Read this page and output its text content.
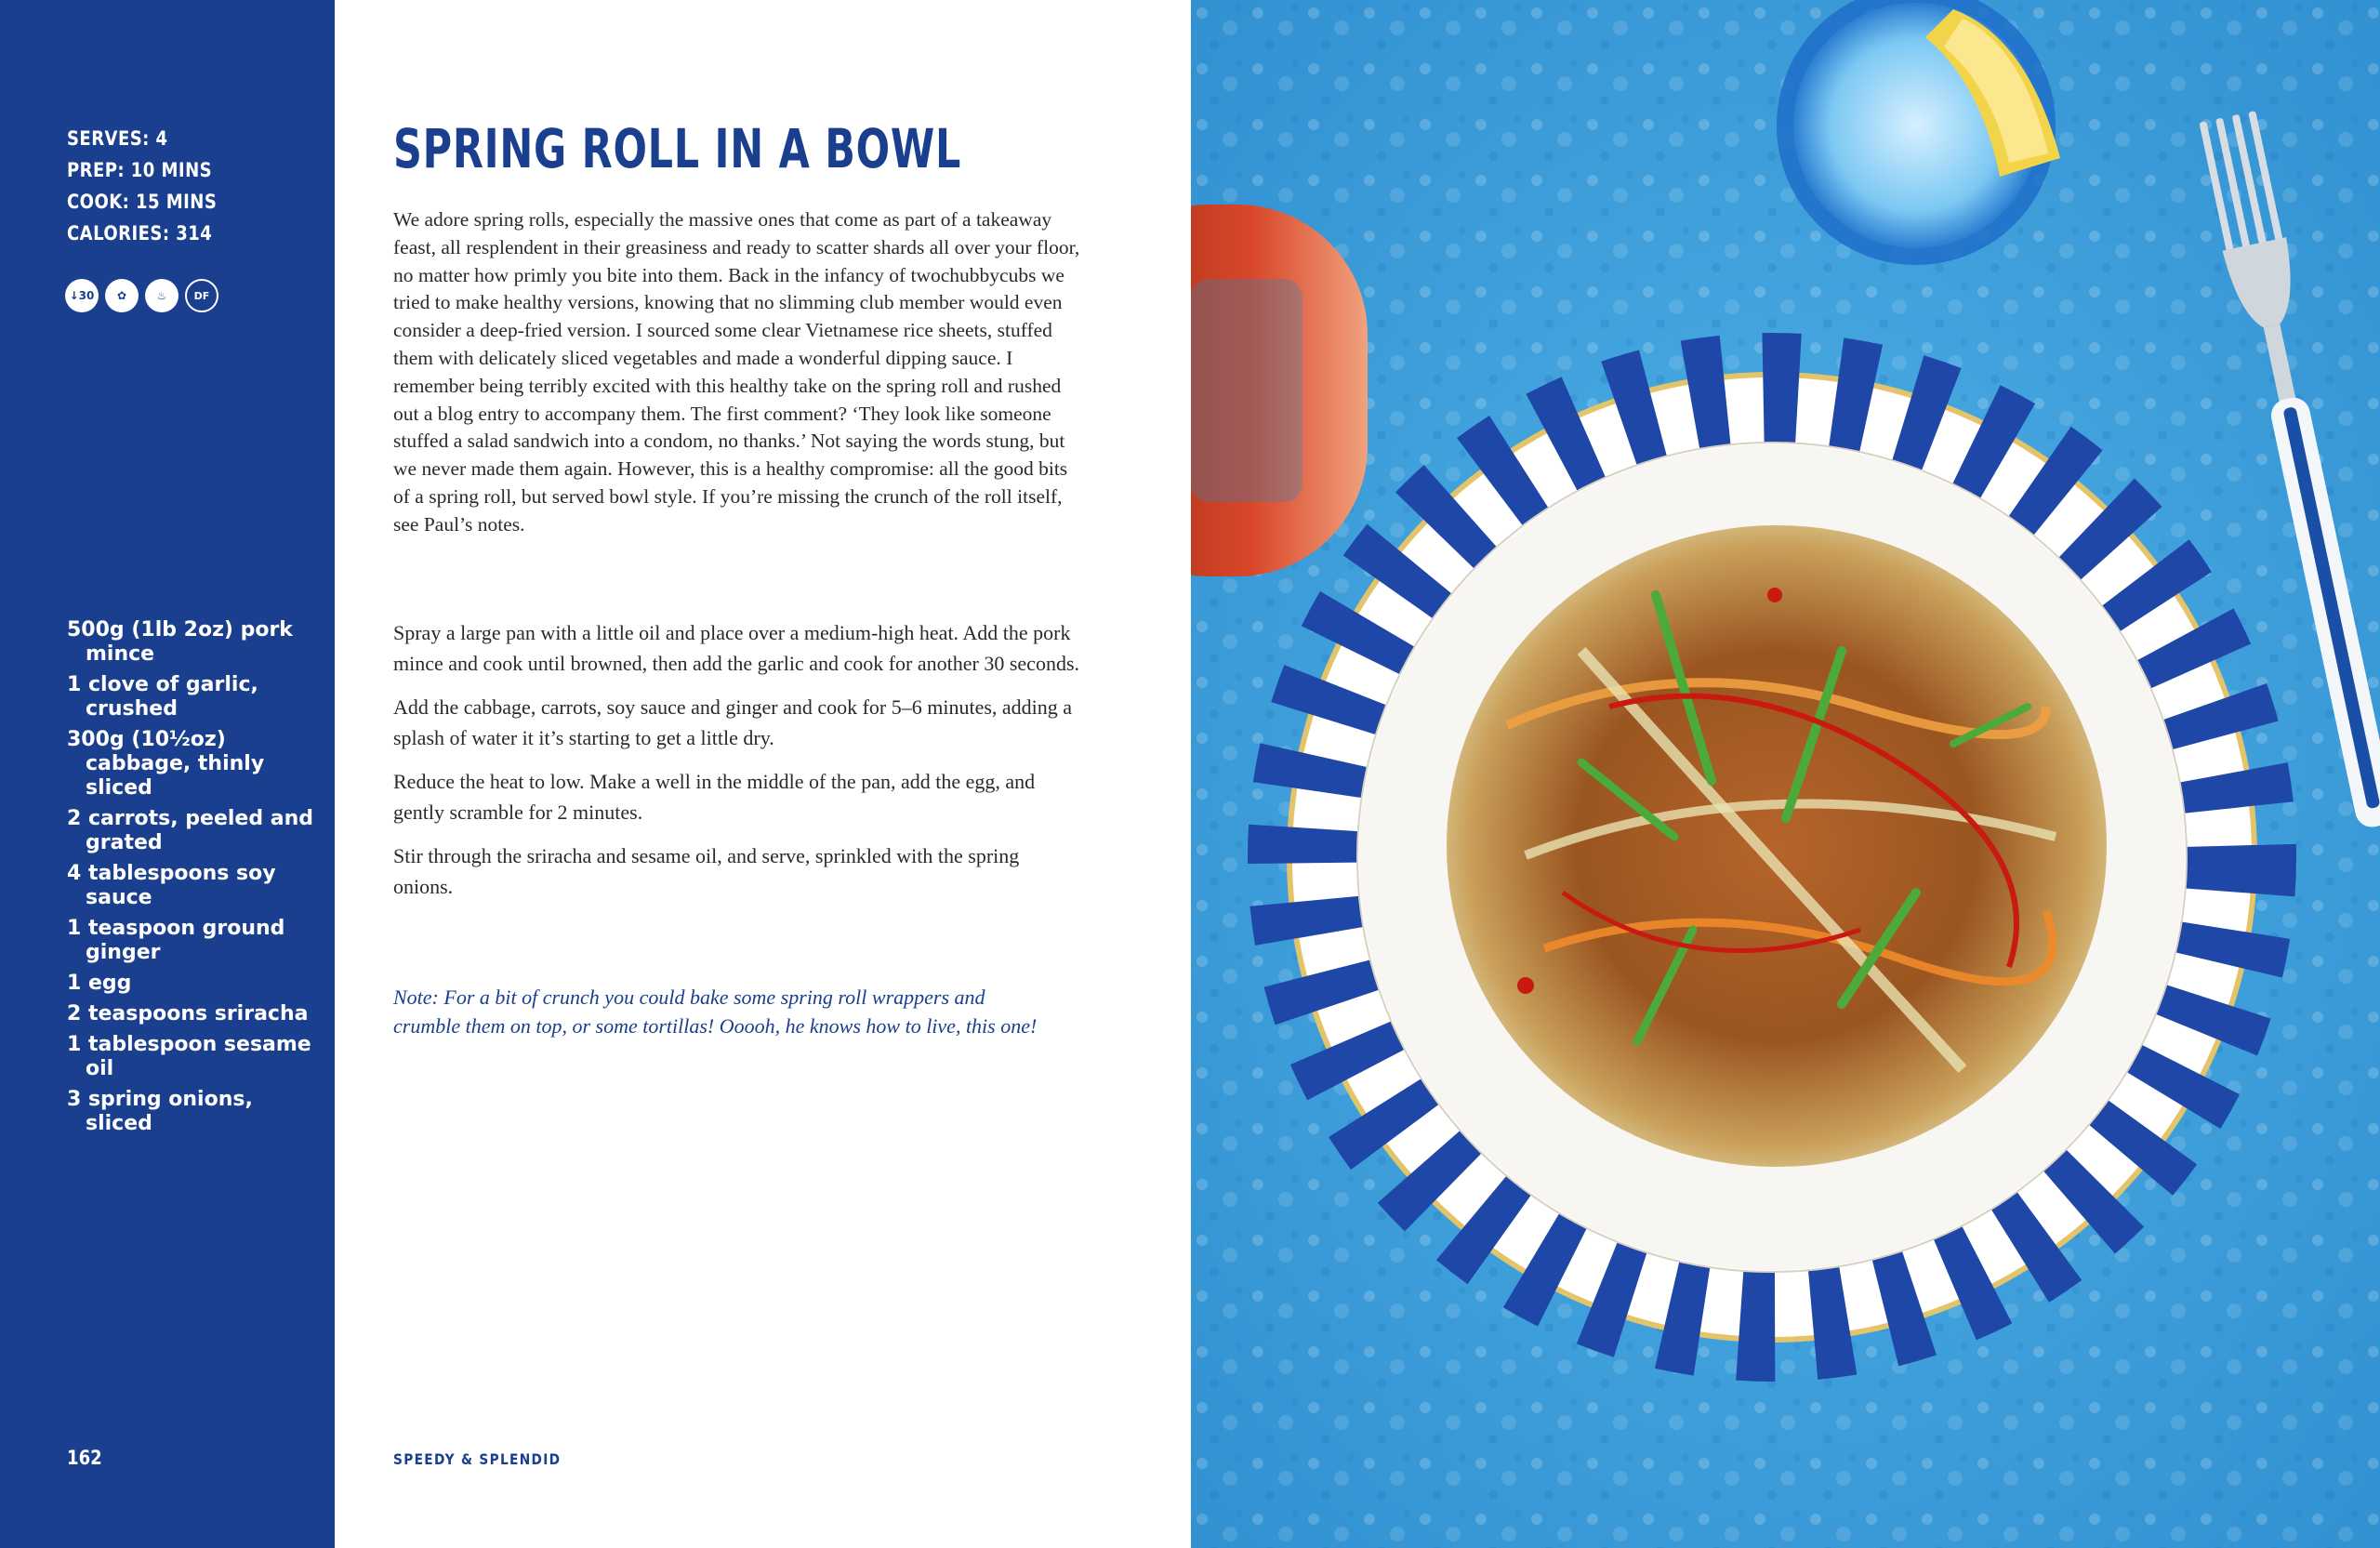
SERVES: 4
PREP: 10 MINS
COOK: 15 MINS
CALORIES: 314
↓30	✿	♨	DF
500g (1lb 2oz) pork mince
1 clove of garlic, crushed
300g (10½oz) cabbage, thinly sliced
2 carrots, peeled and grated
4 tablespoons soy sauce
1 teaspoon ground ginger
1 egg
2 teaspoons sriracha
1 tablespoon sesame oil
3 spring onions, sliced
162
SPRING ROLL IN A BOWL

We adore spring rolls, especially the massive ones that come as part of a takeaway feast, all resplendent in their greasiness and ready to scatter shards all over your floor, no matter how primly you bite into them. Back in the infancy of twochubbycubs we tried to make healthy versions, knowing that no slimming club member would even consider a deep-fried version. I sourced some clear Vietnamese rice sheets, stuffed them with delicately sliced vegetables and made a wonderful dipping sauce. I remember being terribly excited with this healthy take on the spring roll and rushed out a blog entry to accompany them. The first comment? ‘They look like someone stuffed a salad sandwich into a condom, no thanks.’ Not saying the words stung, but we never made them again. However, this is a healthy compromise: all the good bits of a spring roll, but served bowl style. If you’re missing the crunch of the roll itself, see Paul’s notes.

Spray a large pan with a little oil and place over a medium-high heat. Add the pork mince and cook until browned, then add the garlic and cook for another 30 seconds.

Add the cabbage, carrots, soy sauce and ginger and cook for 5–6 minutes, adding a splash of water it it’s starting to get a little dry.

Reduce the heat to low. Make a well in the middle of the pan, add the egg, and gently scramble for 2 minutes.

Stir through the sriracha and sesame oil, and serve, sprinkled with the spring onions.

Note: For a bit of crunch you could bake some spring roll wrappers and crumble them on top, or some tortillas! Ooooh, he knows how to live, this one!

SPEEDY & SPLENDID
